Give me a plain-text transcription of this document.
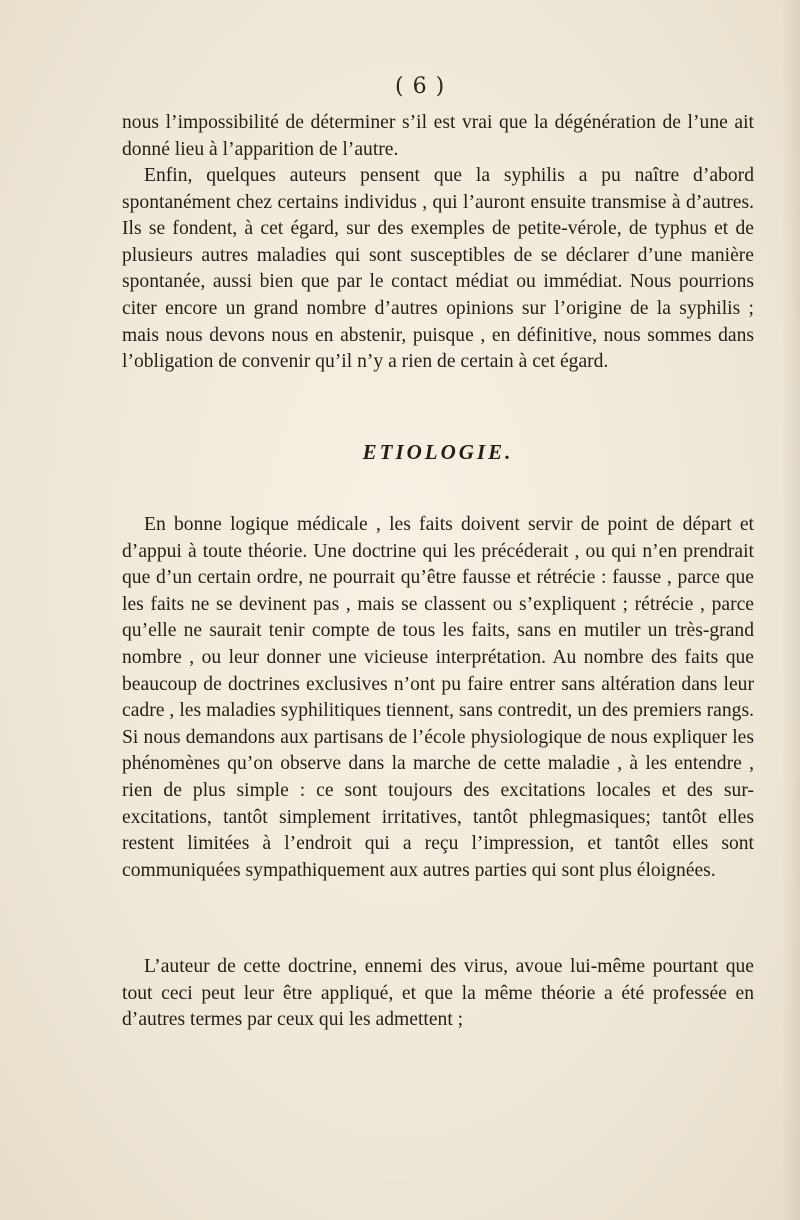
( 6 )

nous l’impossibilité de déterminer s’il est vrai que la dégénération de l’une ait donné lieu à l’apparition de l’autre.

Enfin, quelques auteurs pensent que la syphilis a pu naître d’abord spontanément chez certains individus , qui l’auront ensuite transmise à d’autres. Ils se fondent, à cet égard, sur des exemples de petite-vérole, de typhus et de plusieurs autres maladies qui sont susceptibles de se déclarer d’une manière spontanée, aussi bien que par le contact médiat ou immédiat. Nous pourrions citer encore un grand nombre d’autres opinions sur l’origine de la syphilis ; mais nous devons nous en abstenir, puisque , en définitive, nous sommes dans l’obligation de convenir qu’il n’y a rien de certain à cet égard.

ETIOLOGIE.

En bonne logique médicale , les faits doivent servir de point de départ et d’appui à toute théorie. Une doctrine qui les précéderait , ou qui n’en prendrait que d’un certain ordre, ne pourrait qu’être fausse et rétrécie : fausse , parce que les faits ne se devinent pas , mais se classent ou s’expliquent ; rétrécie , parce qu’elle ne saurait tenir compte de tous les faits, sans en mutiler un très-grand nombre , ou leur donner une vicieuse interprétation. Au nombre des faits que beaucoup de doctrines exclusives n’ont pu faire entrer sans altération dans leur cadre , les maladies syphilitiques tiennent, sans contredit, un des premiers rangs. Si nous demandons aux partisans de l’école physiologique de nous expliquer les phénomènes qu’on observe dans la marche de cette maladie , à les entendre , rien de plus simple : ce sont toujours des excitations locales et des sur-excitations, tantôt simplement irritatives, tantôt phlegmasiques; tantôt elles restent limitées à l’endroit qui a reçu l’impression, et tantôt elles sont communiquées sympathiquement aux autres parties qui sont plus éloignées.

L’auteur de cette doctrine, ennemi des virus, avoue lui-même pourtant que tout ceci peut leur être appliqué, et que la même théorie a été professée en d’autres termes par ceux qui les admettent ;
